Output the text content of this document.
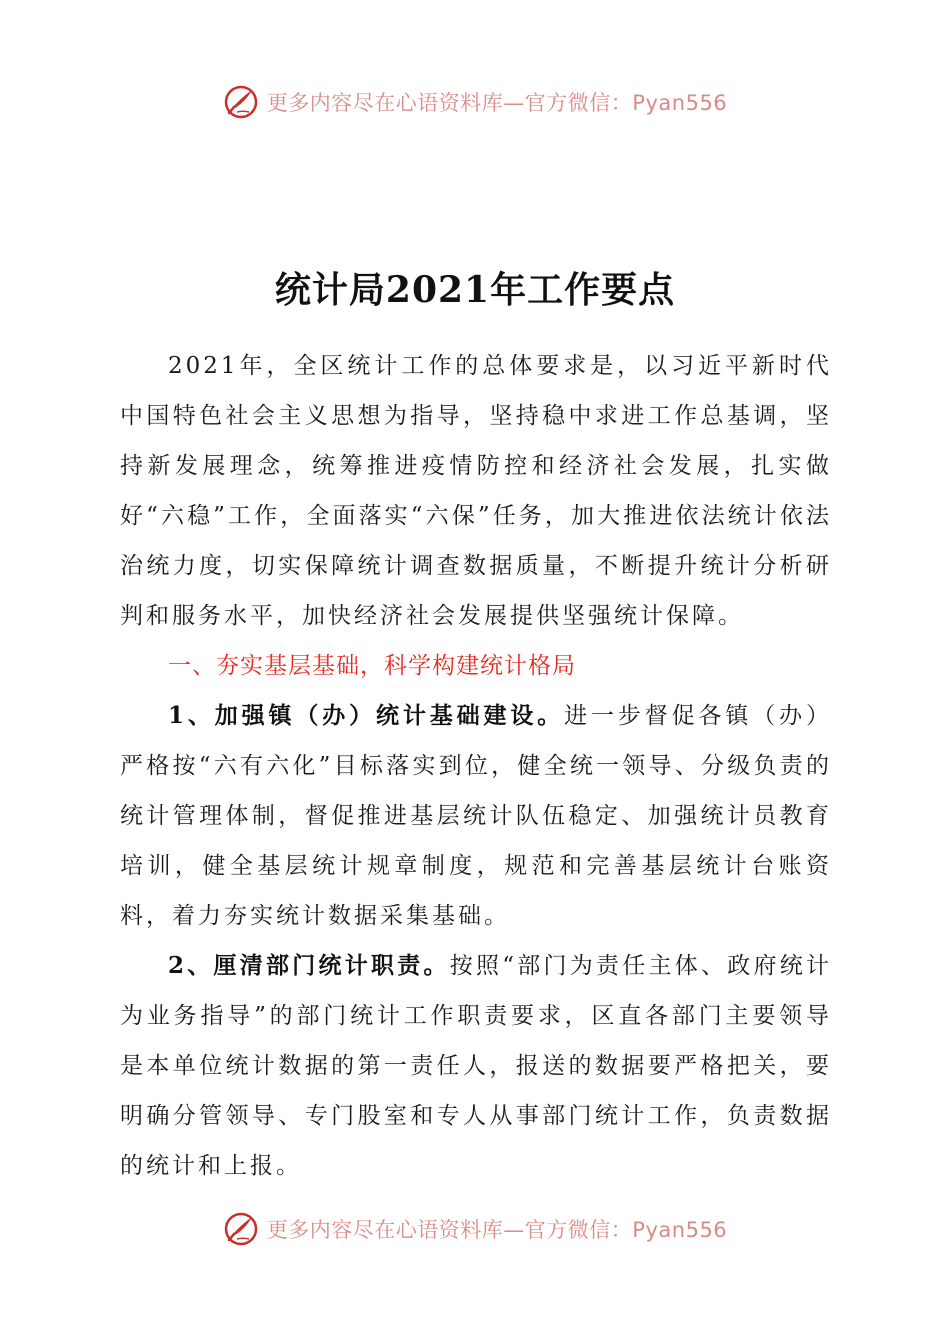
更多内容尽在心语资料库—官方微信：Pyan556
统计局2021年工作要点

2021年，全区统计工作的总体要求是，以习近平新时代中国特色社会主义思想为指导，坚持稳中求进工作总基调，坚持新发展理念，统筹推进疫情防控和经济社会发展，扎实做好“六稳”工作，全面落实“六保”任务，加大推进依法统计依法治统力度，切实保障统计调查数据质量，不断提升统计分析研判和服务水平，加快经济社会发展提供坚强统计保障。

一、夯实基层基础，科学构建统计格局

1、加强镇（办）统计基础建设。进一步督促各镇（办）严格按“六有六化”目标落实到位，健全统一领导、分级负责的统计管理体制，督促推进基层统计队伍稳定、加强统计员教育培训，健全基层统计规章制度，规范和完善基层统计台账资料，着力夯实统计数据采集基础。

2、厘清部门统计职责。按照“部门为责任主体、政府统计为业务指导”的部门统计工作职责要求，区直各部门主要领导是本单位统计数据的第一责任人，报送的数据要严格把关，要明确分管领导、专门股室和专人从事部门统计工作，负责数据的统计和上报。

更多内容尽在心语资料库—官方微信：Pyan556
